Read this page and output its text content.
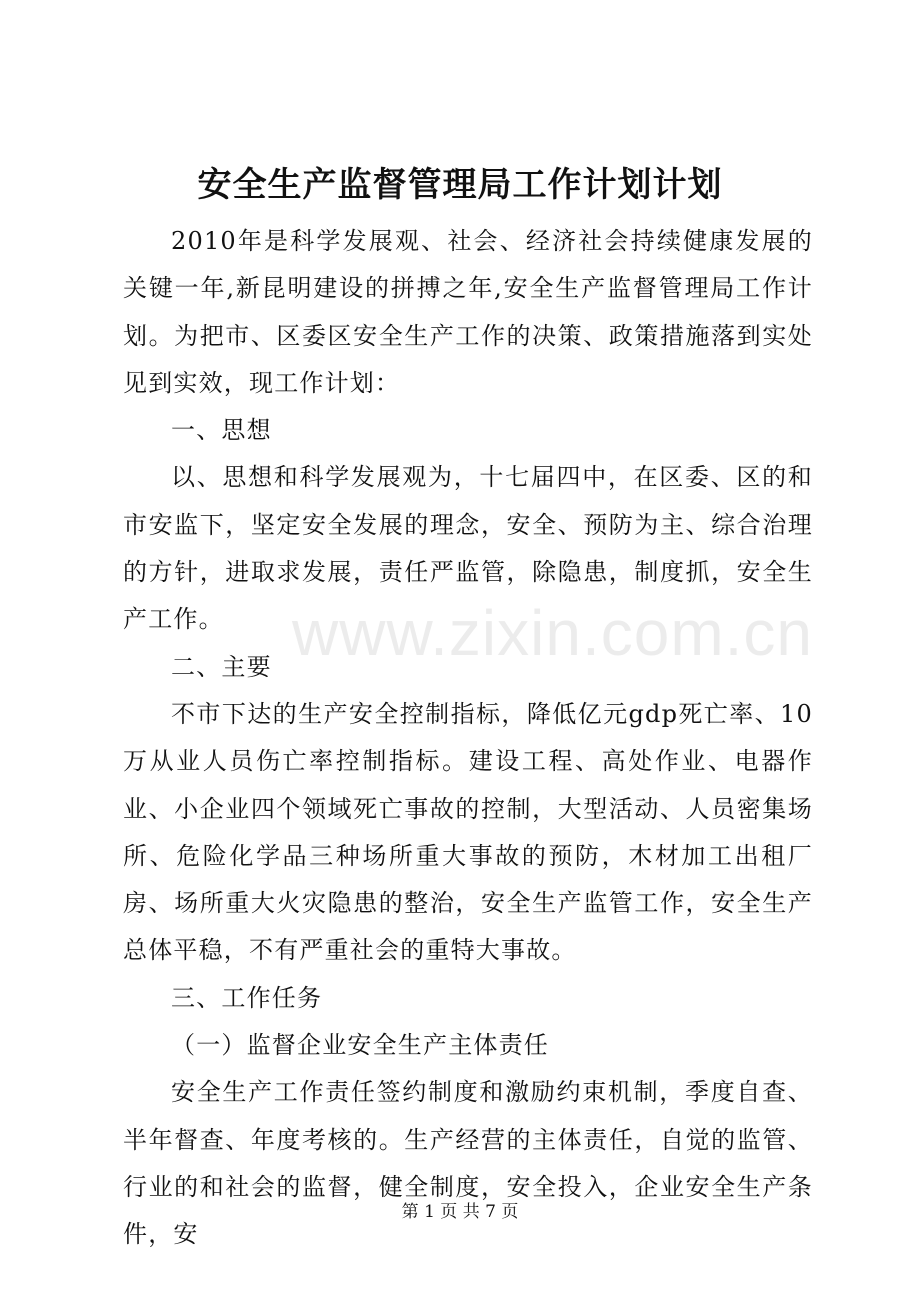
安全生产监督管理局工作计划计划

2010年是科学发展观、社会、经济社会持续健康发展的关键一年,新昆明建设的拼搏之年,安全生产监督管理局工作计划。为把市、区委区安全生产工作的决策、政策措施落到实处见到实效，现工作计划：

一、思想

以、思想和科学发展观为，十七届四中，在区委、区的和市安监下，坚定安全发展的理念，安全、预防为主、综合治理的方针，进取求发展，责任严监管，除隐患，制度抓，安全生产工作。

二、主要

不市下达的生产安全控制指标，降低亿元gdp死亡率、10万从业人员伤亡率控制指标。建设工程、高处作业、电器作业、小企业四个领域死亡事故的控制，大型活动、人员密集场所、危险化学品三种场所重大事故的预防，木材加工出租厂房、场所重大火灾隐患的整治，安全生产监管工作，安全生产总体平稳，不有严重社会的重特大事故。

三、工作任务

（一）监督企业安全生产主体责任

安全生产工作责任签约制度和激励约束机制，季度自查、半年督查、年度考核的。生产经营的主体责任，自觉的监管、行业的和社会的监督，健全制度，安全投入，企业安全生产条件，安

www.zixin.com.cn
第 1 页 共 7 页
